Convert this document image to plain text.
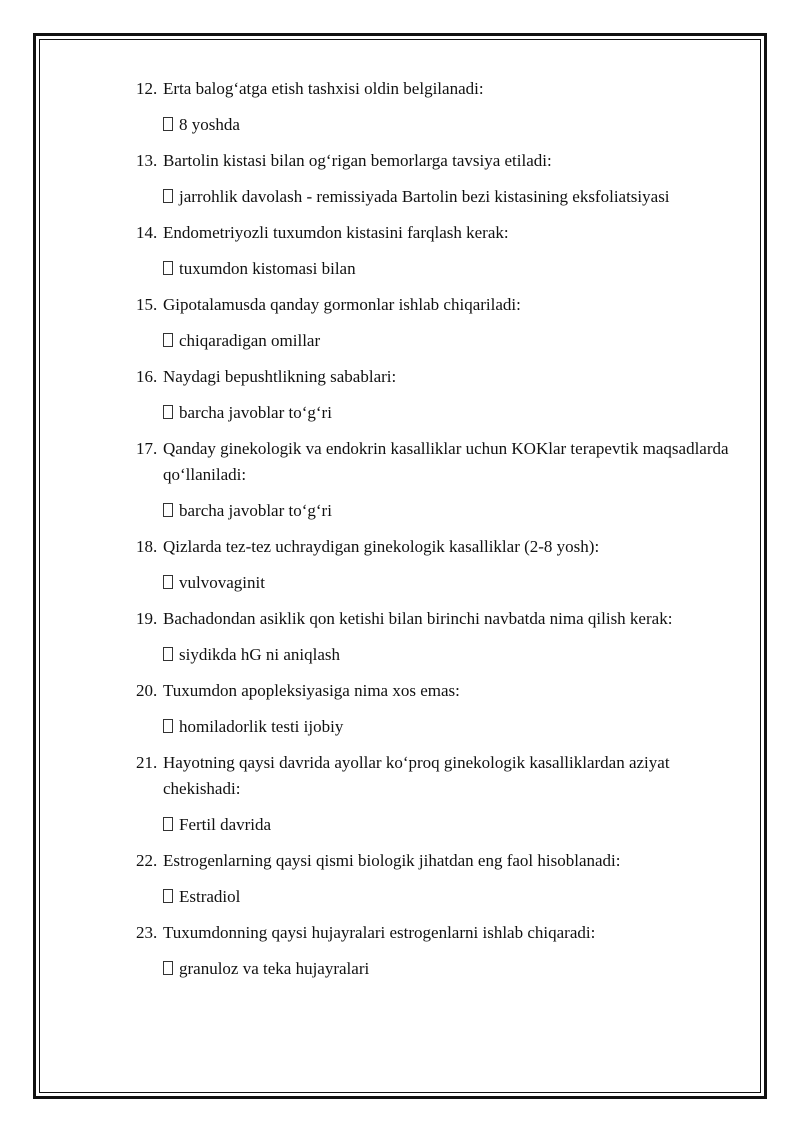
12. Erta balog‘atga etish tashxisi oldin belgilanadi:

8 yoshda

13. Bartolin kistasi bilan og‘rigan bemorlarga tavsiya etiladi:

jarrohlik davolash - remissiyada Bartolin bezi kistasining eksfoliatsiyasi

14. Endometriyozli tuxumdon kistasini farqlash kerak:

tuxumdon kistomasi bilan

15. Gipotalamusda qanday gormonlar ishlab chiqariladi:

chiqaradigan omillar

16. Naydagi bepushtlikning sabablari:

barcha javoblar to‘g‘ri

17. Qanday ginekologik va endokrin kasalliklar uchun KOKlar terapevtik maqsadlarda qo‘llaniladi:

barcha javoblar to‘g‘ri

18. Qizlarda tez-tez uchraydigan ginekologik kasalliklar (2-8 yosh):

vulvovaginit

19. Bachadondan asiklik qon ketishi bilan birinchi navbatda nima qilish kerak:

siydikda hG ni aniqlash

20. Tuxumdon apopleksiyasiga nima xos emas:

homiladorlik testi ijobiy

21. Hayotning qaysi davrida ayollar ko‘proq ginekologik kasalliklardan aziyat chekishadi:

Fertil davrida

22. Estrogenlarning qaysi qismi biologik jihatdan eng faol hisoblanadi:

Estradiol

23. Tuxumdonning qaysi hujayralari estrogenlarni ishlab chiqaradi:

granuloz va teka hujayralari
